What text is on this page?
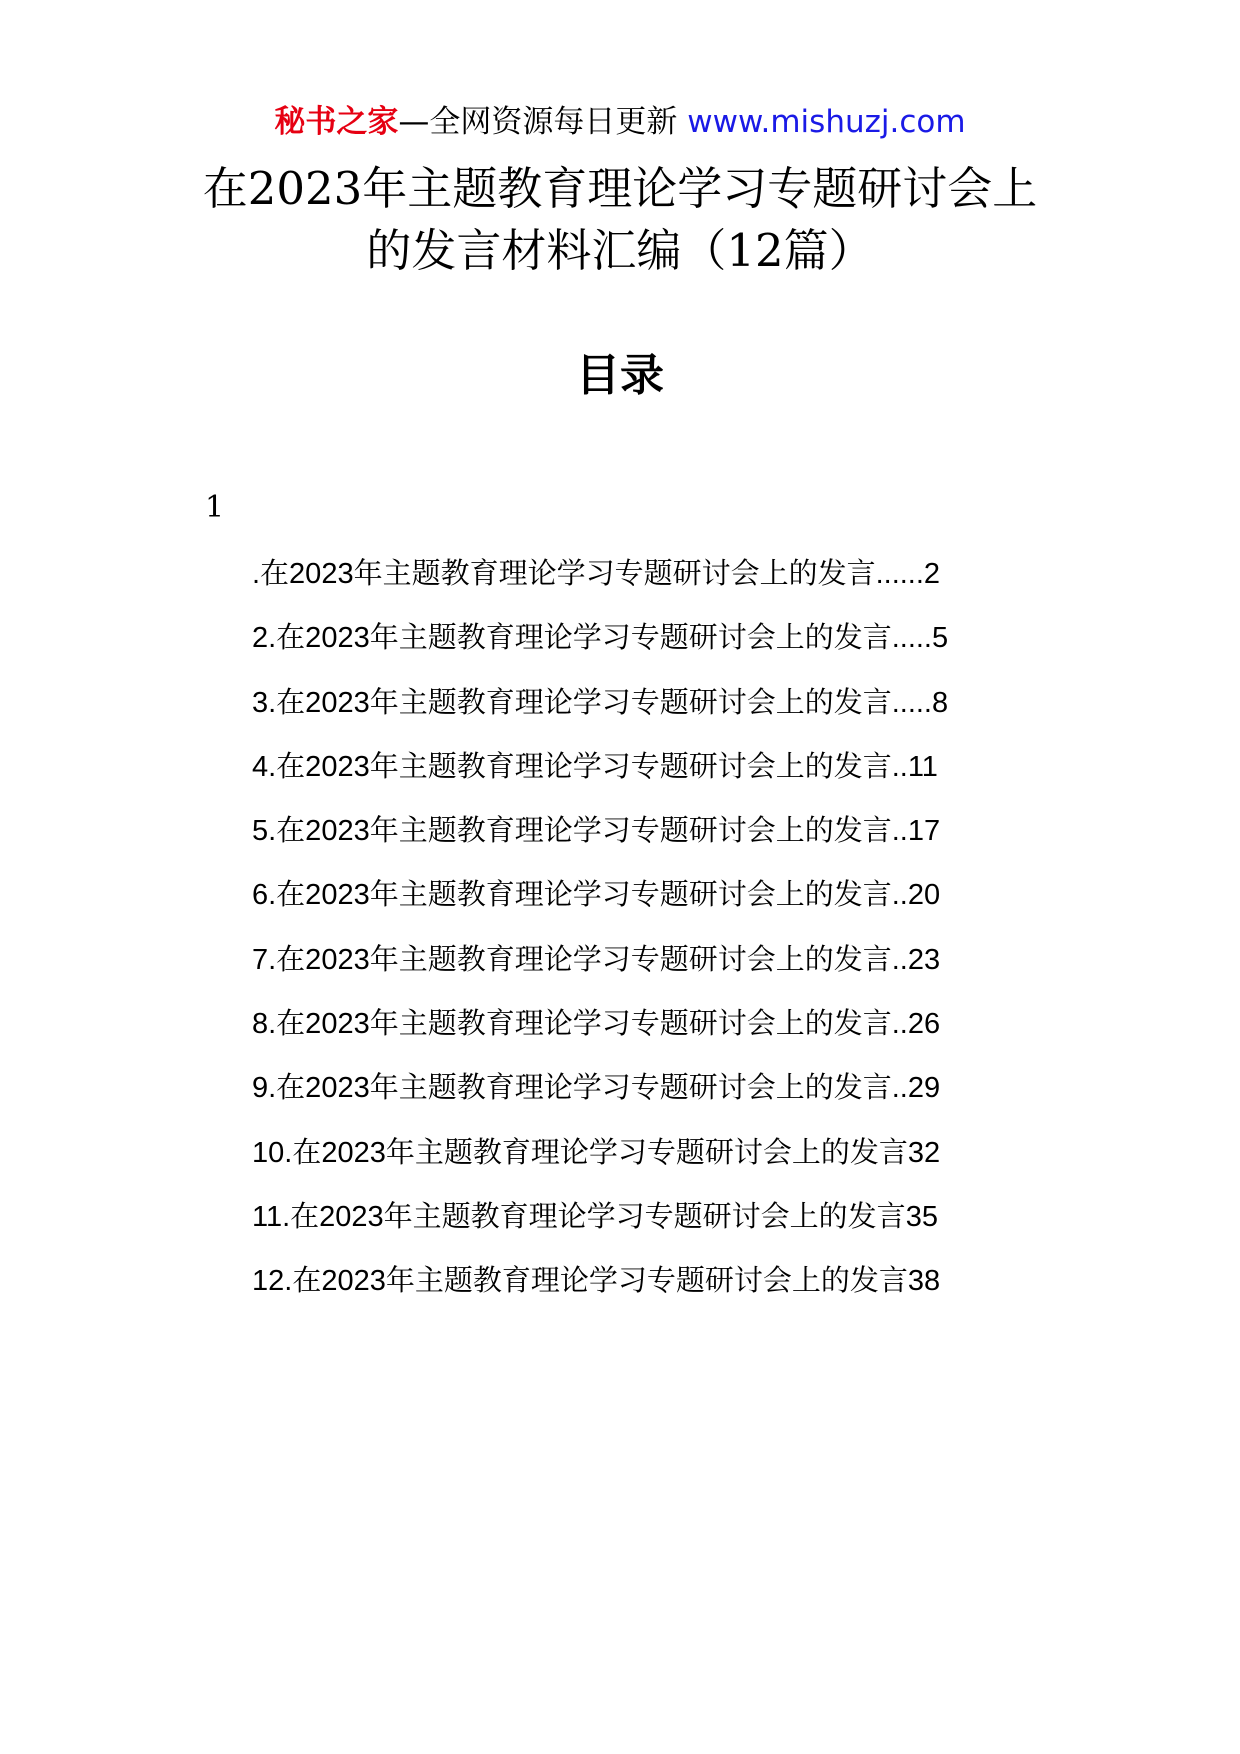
秘书之家—全网资源每日更新 www.mishuzj.com
在2023年主题教育理论学习专题研讨会上
的发言材料汇编（12篇）
目录
1
.在2023年主题教育理论学习专题研讨会上的发言 ...... 2
2.在2023年主题教育理论学习专题研讨会上的发言 ..... 5
3.在2023年主题教育理论学习专题研讨会上的发言 ..... 8
4.在2023年主题教育理论学习专题研讨会上的发言 .. 11
5.在2023年主题教育理论学习专题研讨会上的发言 .. 17
6.在2023年主题教育理论学习专题研讨会上的发言 .. 20
7.在2023年主题教育理论学习专题研讨会上的发言 .. 23
8.在2023年主题教育理论学习专题研讨会上的发言 .. 26
9.在2023年主题教育理论学习专题研讨会上的发言 .. 29
10.在2023年主题教育理论学习专题研讨会上的发言 32
11.在2023年主题教育理论学习专题研讨会上的发言 35
12.在2023年主题教育理论学习专题研讨会上的发言 38
